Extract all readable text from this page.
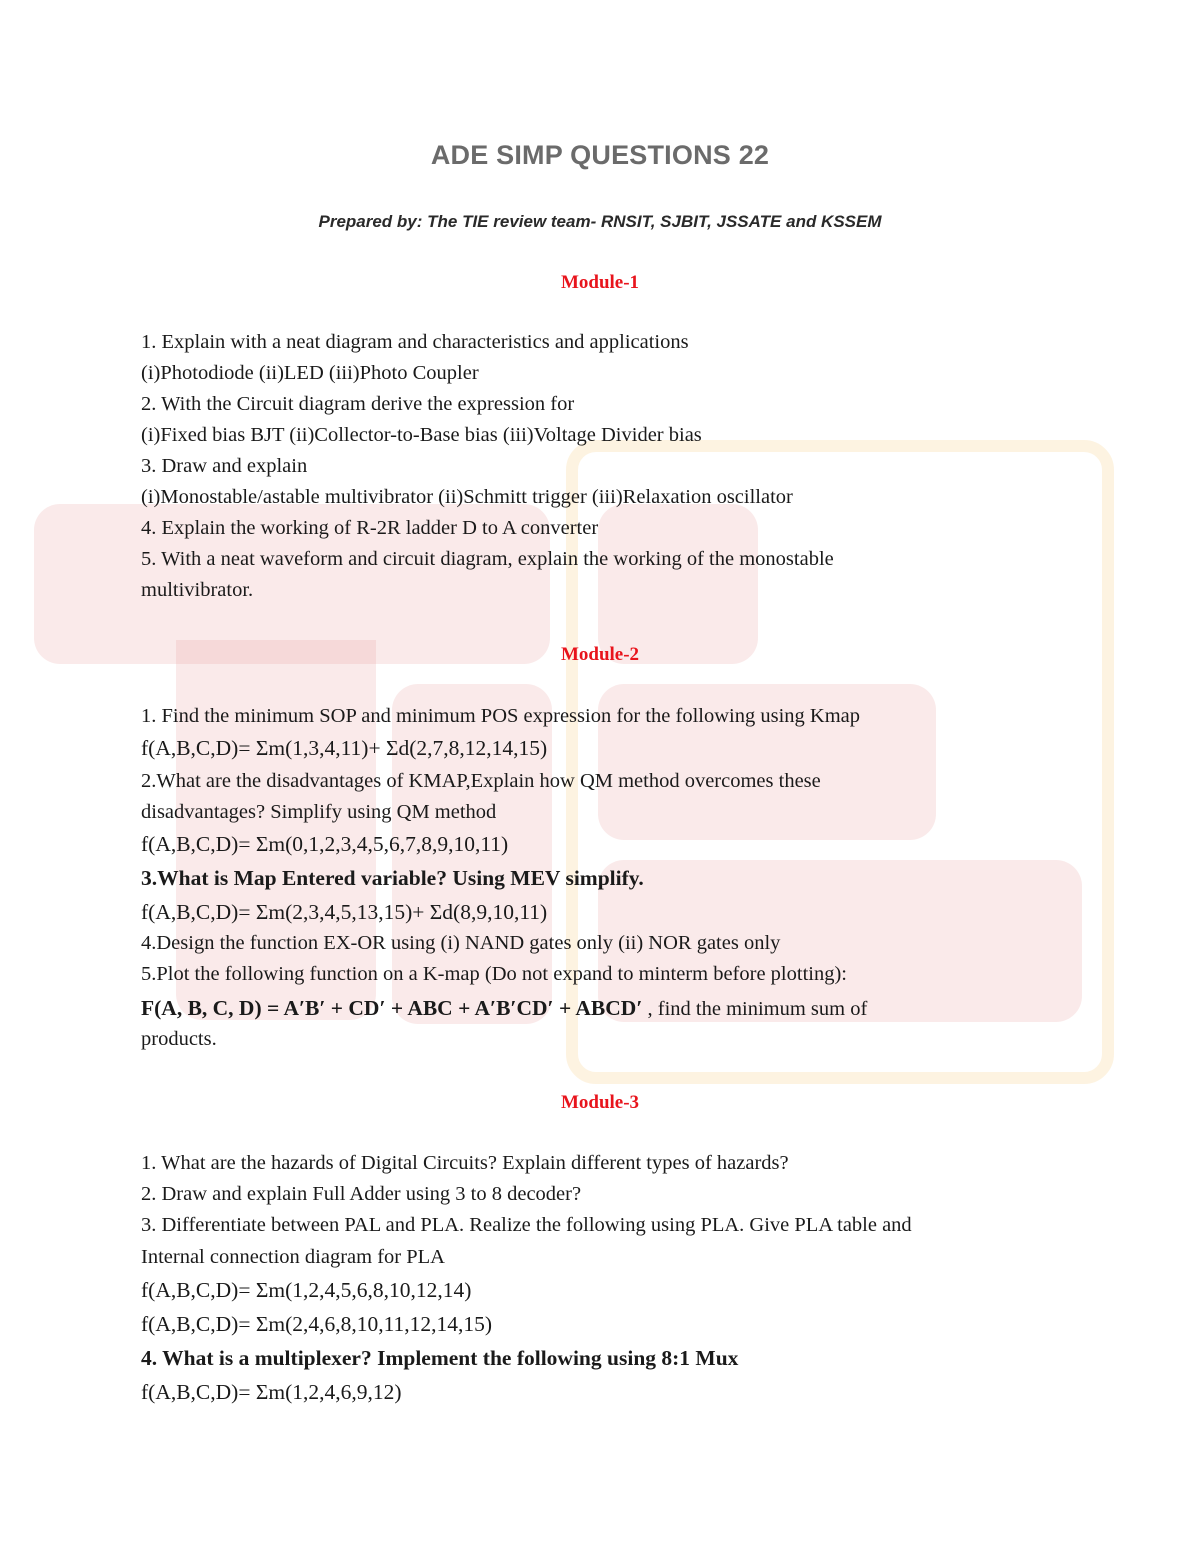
ADE SIMP QUESTIONS 22
Prepared by: The TIE review team- RNSIT, SJBIT, JSSATE and KSSEM
Module-1
1. Explain with a neat diagram and characteristics and applications
(i)Photodiode (ii)LED (iii)Photo Coupler
2. With the Circuit diagram derive the expression for
(i)Fixed bias BJT (ii)Collector-to-Base bias (iii)Voltage Divider bias
3. Draw and explain
(i)Monostable/astable multivibrator (ii)Schmitt trigger (iii)Relaxation oscillator
4. Explain the working of R-2R ladder D to A converter
5. With a neat waveform and circuit diagram, explain the working of the monostable
multivibrator.
Module-2
1. Find the minimum SOP and minimum POS expression for the following using Kmap
f(A,B,C,D)= Σm(1,3,4,11)+ Σd(2,7,8,12,14,15)
2.What are the disadvantages of KMAP,Explain how QM method overcomes these
disadvantages? Simplify using QM method
f(A,B,C,D)= Σm(0,1,2,3,4,5,6,7,8,9,10,11)
3.What is Map Entered variable? Using MEV simplify.
f(A,B,C,D)= Σm(2,3,4,5,13,15)+ Σd(8,9,10,11)
4.Design the function EX-OR using (i) NAND gates only (ii) NOR gates only
5.Plot the following function on a K-map (Do not expand to minterm before plotting):
F(A, B, C, D) = A′B′ + CD′ + ABC + A′B′CD′ + ABCD′ , find the minimum sum of
products.
Module-3
1. What are the hazards of Digital Circuits? Explain different types of hazards?
2. Draw and explain Full Adder using 3 to 8 decoder?
3. Differentiate between PAL and PLA. Realize the following using PLA. Give PLA table and
Internal connection diagram for PLA
f(A,B,C,D)= Σm(1,2,4,5,6,8,10,12,14)
f(A,B,C,D)= Σm(2,4,6,8,10,11,12,14,15)
4. What is a multiplexer? Implement the following using 8:1 Mux
f(A,B,C,D)= Σm(1,2,4,6,9,12)
